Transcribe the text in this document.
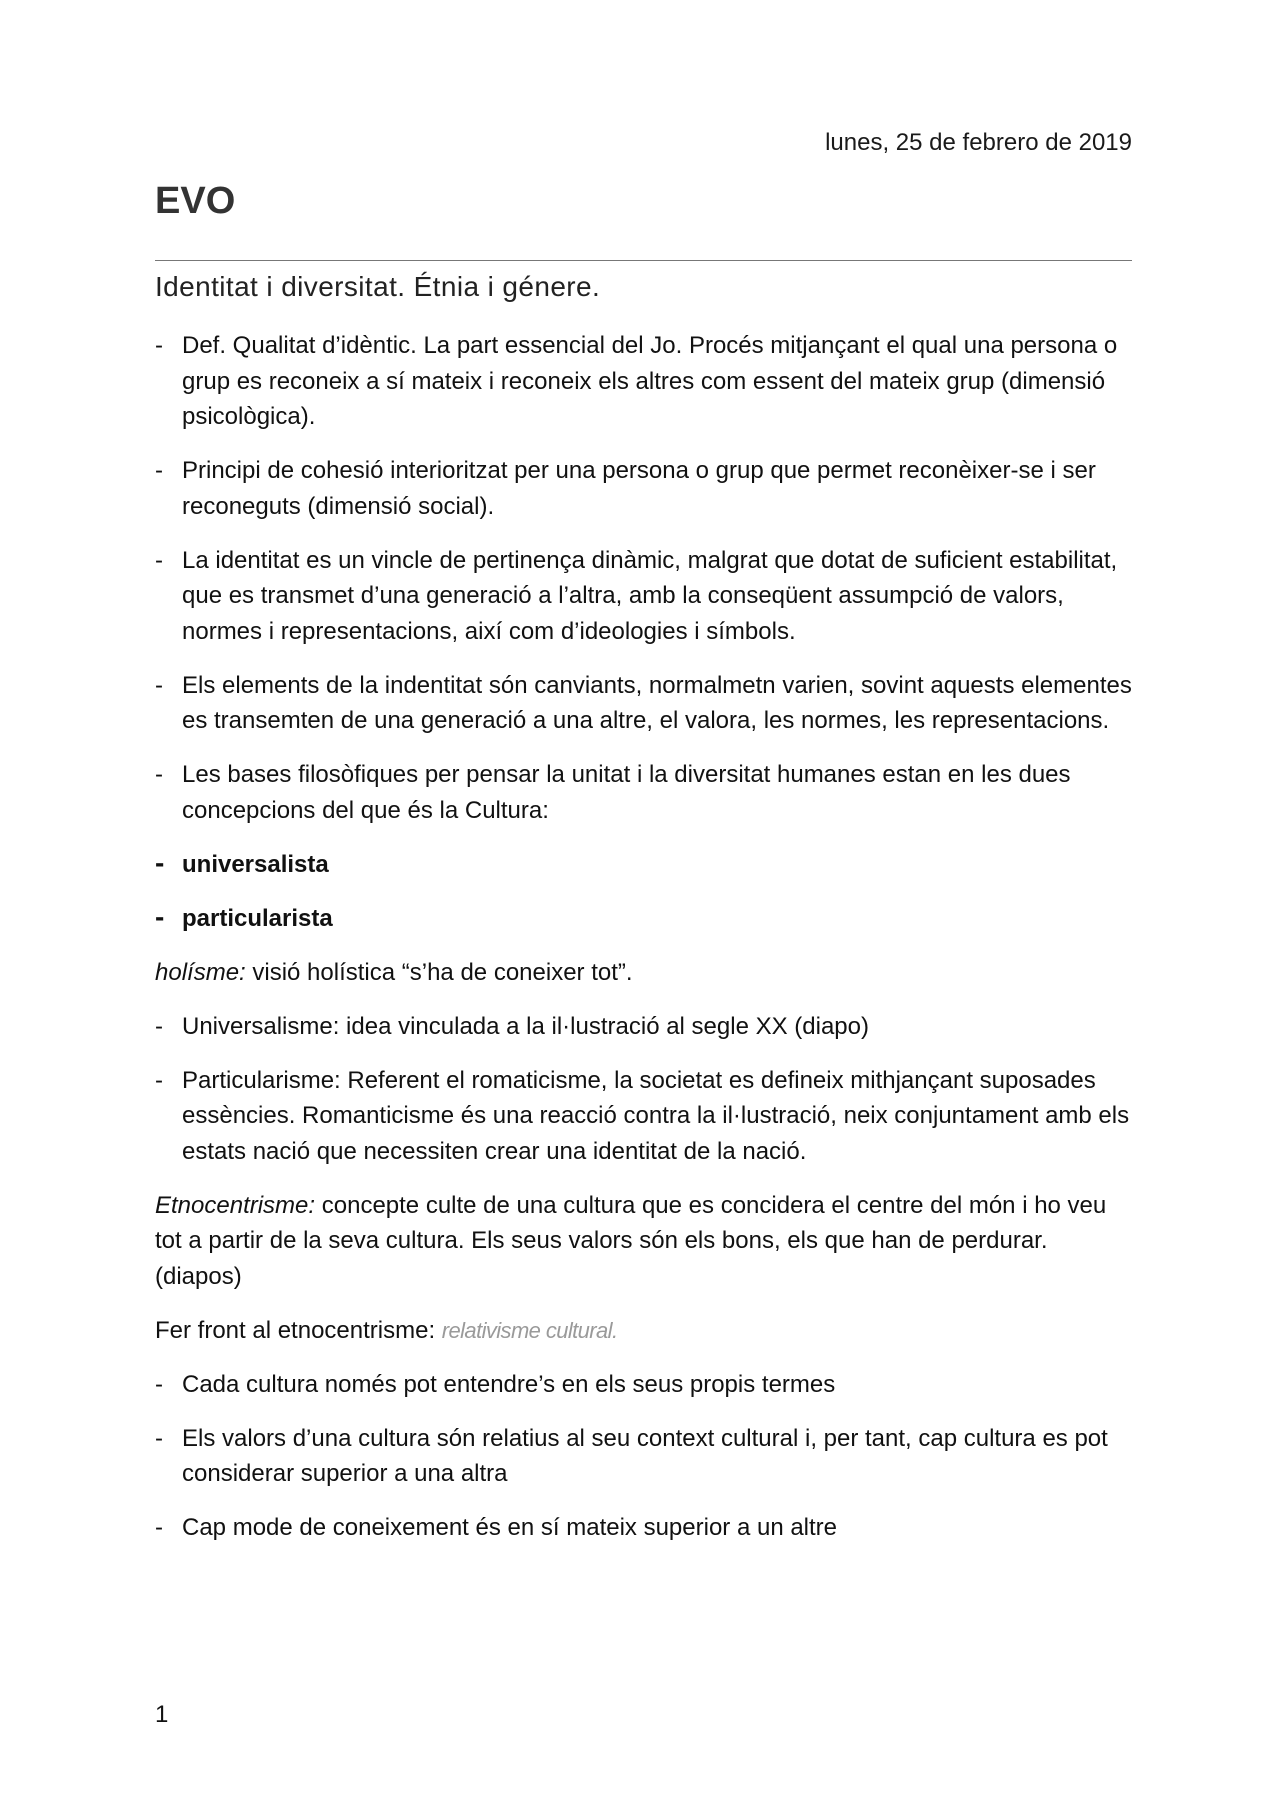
lunes, 25 de febrero de 2019
EVO
Identitat i diversitat. Étnia i génere.
- Def. Qualitat d’idèntic. La part essencial del Jo. Procés mitjançant el qual una persona o grup es reconeix a sí mateix i reconeix els altres com essent del mateix grup (dimensió psicològica).
- Principi de cohesió interioritzat per una persona o grup que permet reconèixer-se i ser reconeguts (dimensió social).
- La identitat es un vincle de pertinença dinàmic, malgrat que dotat de suficient estabilitat, que es transmet d’una generació a l’altra, amb la conseqüent assumpció de valors, normes i representacions, així com d’ideologies i símbols.
- Els elements de la indentitat són canviants, normalmetn varien, sovint aquests elementes es transemten de una generació a una altre, el valora, les normes, les representacions.
- Les bases filosòfiques per pensar la unitat i la diversitat humanes estan en les dues concepcions del que és la Cultura:
- universalista
- particularista

holísme: visió holística “s’ha de coneixer tot”.

- Universalisme: idea vinculada a la il·lustració al segle XX (diapo)
- Particularisme: Referent el romaticisme, la societat es defineix mithjançant suposades essències. Romanticisme és una reacció contra la il·lustració, neix conjuntament amb els estats nació que necessiten crear una identitat de la nació.

Etnocentrisme: concepte culte de una cultura que es concidera el centre del món i ho veu tot a partir de la seva cultura. Els seus valors són els bons, els que han de perdurar. (diapos)

Fer front al etnocentrisme: relativisme cultural.

- Cada cultura només pot entendre’s en els seus propis termes
- Els valors d’una cultura són relatius al seu context cultural i, per tant, cap cultura es pot considerar superior a una altra
- Cap mode de coneixement és en sí mateix superior a un altre
1
